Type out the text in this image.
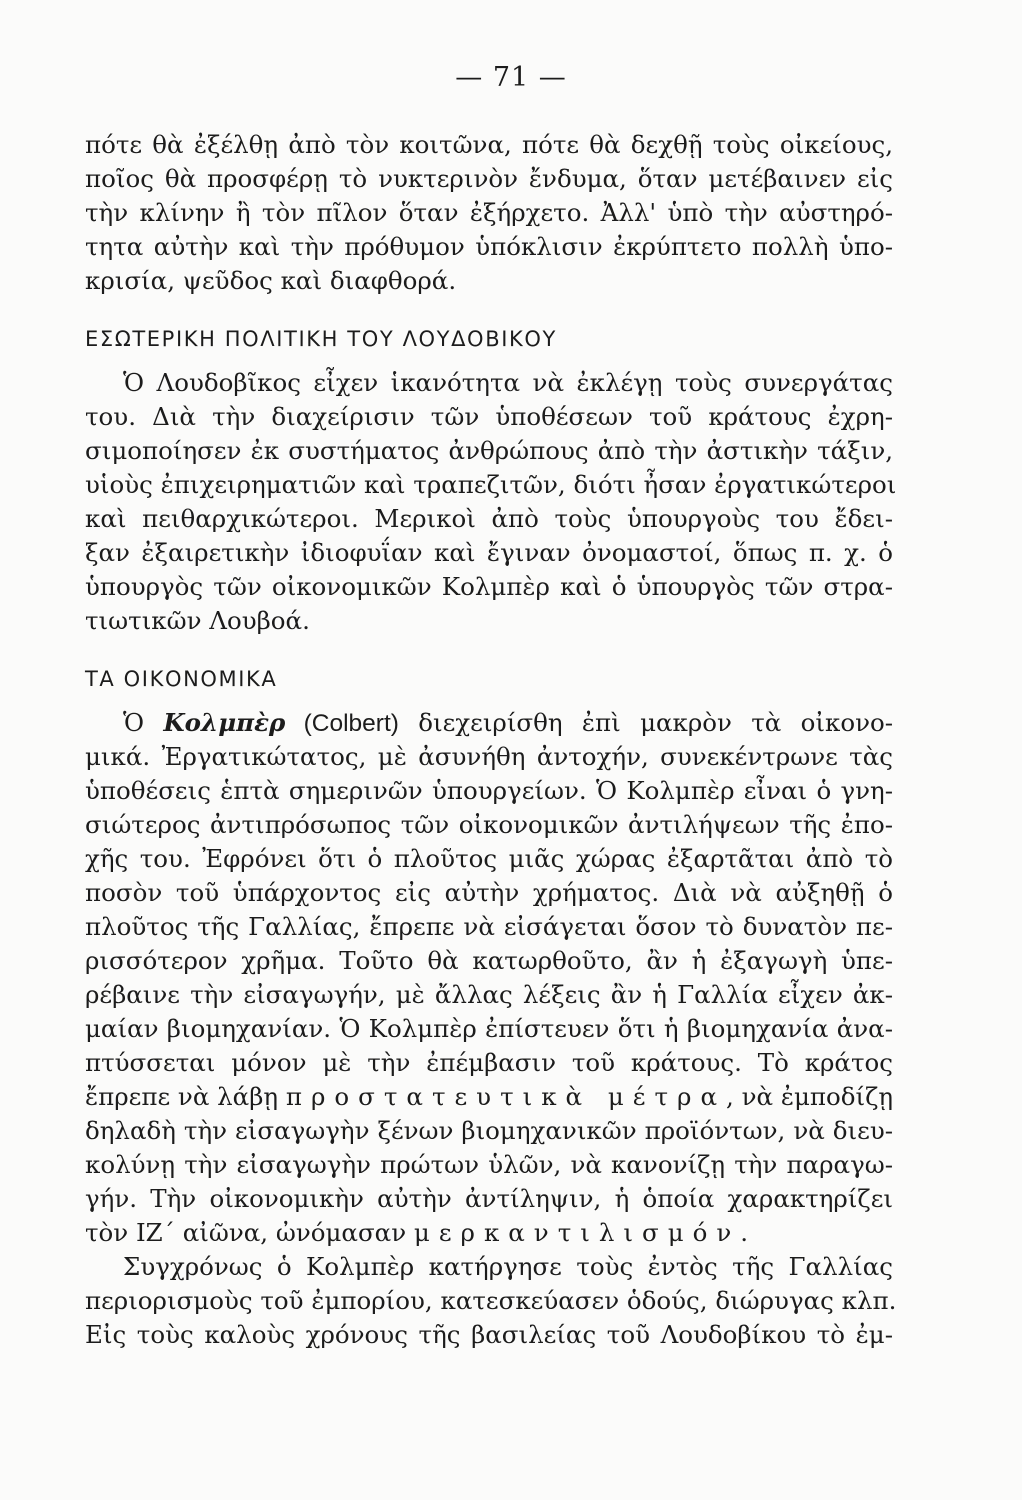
— 71 —
πότε θὰ ἐξέλθῃ ἀπὸ τὸν κοιτῶνα, πότε θὰ δεχθῇ τοὺς οἰκείους,
ποῖος θὰ προσφέρῃ τὸ νυκτερινὸν ἔνδυμα, ὅταν μετέβαινεν εἰς
τὴν κλίνην ἢ τὸν πῖλον ὅταν ἐξήρχετο. Ἀλλ' ὑπὸ τὴν αὐστηρό-
τητα αὐτὴν καὶ τὴν πρόθυμον ὑπόκλισιν ἐκρύπτετο πολλὴ ὑπο-
κρισία, ψεῦδος καὶ διαφθορά.
ΕΣΩΤΕΡΙΚΗ ΠΟΛΙΤΙΚΗ ΤΟΥ ΛΟΥΔΟΒΙΚΟΥ
Ὁ Λουδοβῖκος εἶχεν ἱκανότητα νὰ ἐκλέγῃ τοὺς συνεργάτας
του. Διὰ τὴν διαχείρισιν τῶν ὑποθέσεων τοῦ κράτους ἐχρη-
σιμοποίησεν ἐκ συστήματος ἀνθρώπους ἀπὸ τὴν ἀστικὴν τάξιν,
υἱοὺς ἐπιχειρηματιῶν καὶ τραπεζιτῶν, διότι ἦσαν ἐργατικώτεροι
καὶ πειθαρχικώτεροι. Μερικοὶ ἀπὸ τοὺς ὑπουργοὺς του ἔδει-
ξαν ἐξαιρετικὴν ἰδιοφυΐαν καὶ ἔγιναν ὀνομαστοί, ὅπως π. χ. ὁ
ὑπουργὸς τῶν οἰκονομικῶν Κολμπὲρ καὶ ὁ ὑπουργὸς τῶν στρα-
τιωτικῶν Λουβοά.
ΤΑ ΟΙΚΟΝΟΜΙΚΑ
Ὁ Κολμπὲρ (Colbert) διεχειρίσθη ἐπὶ μακρὸν τὰ οἰκονο-
μικά. Ἐργατικώτατος, μὲ ἀσυνήθη ἀντοχήν, συνεκέντρωνε τὰς
ὑποθέσεις ἑπτὰ σημερινῶν ὑπουργείων. Ὁ Κολμπὲρ εἶναι ὁ γνη-
σιώτερος ἀντιπρόσωπος τῶν οἰκονομικῶν ἀντιλήψεων τῆς ἐπο-
χῆς του. Ἐφρόνει ὅτι ὁ πλοῦτος μιᾶς χώρας ἐξαρτᾶται ἀπὸ τὸ
ποσὸν τοῦ ὑπάρχοντος εἰς αὐτὴν χρήματος. Διὰ νὰ αὐξηθῇ ὁ
πλοῦτος τῆς Γαλλίας, ἔπρεπε νὰ εἰσάγεται ὅσον τὸ δυνατὸν πε-
ρισσότερον χρῆμα. Τοῦτο θὰ κατωρθοῦτο, ἂν ἡ ἐξαγωγὴ ὑπε-
ρέβαινε τὴν εἰσαγωγήν, μὲ ἄλλας λέξεις ἂν ἡ Γαλλία εἶχεν ἀκ-
μαίαν βιομηχανίαν. Ὁ Κολμπὲρ ἐπίστευεν ὅτι ἡ βιομηχανία ἀνα-
πτύσσεται μόνον μὲ τὴν ἐπέμβασιν τοῦ κράτους. Τὸ κράτος
ἔπρεπε νὰ λάβῃ προστατευτικὰ μέτρα, νὰ ἐμποδίζῃ
δηλαδὴ τὴν εἰσαγωγὴν ξένων βιομηχανικῶν προϊόντων, νὰ διευ-
κολύνῃ τὴν εἰσαγωγὴν πρώτων ὑλῶν, νὰ κανονίζῃ τὴν παραγω-
γήν. Τὴν οἰκονομικὴν αὐτὴν ἀντίληψιν, ἡ ὁποία χαρακτηρίζει
τὸν ΙΖ΄ αἰῶνα, ὠνόμασαν μερκαντιλισμόν.
Συγχρόνως ὁ Κολμπὲρ κατήργησε τοὺς ἐντὸς τῆς Γαλλίας
περιορισμοὺς τοῦ ἐμπορίου, κατεσκεύασεν ὁδούς, διώρυγας κλπ.
Εἰς τοὺς καλοὺς χρόνους τῆς βασιλείας τοῦ Λουδοβίκου τὸ ἐμ-
